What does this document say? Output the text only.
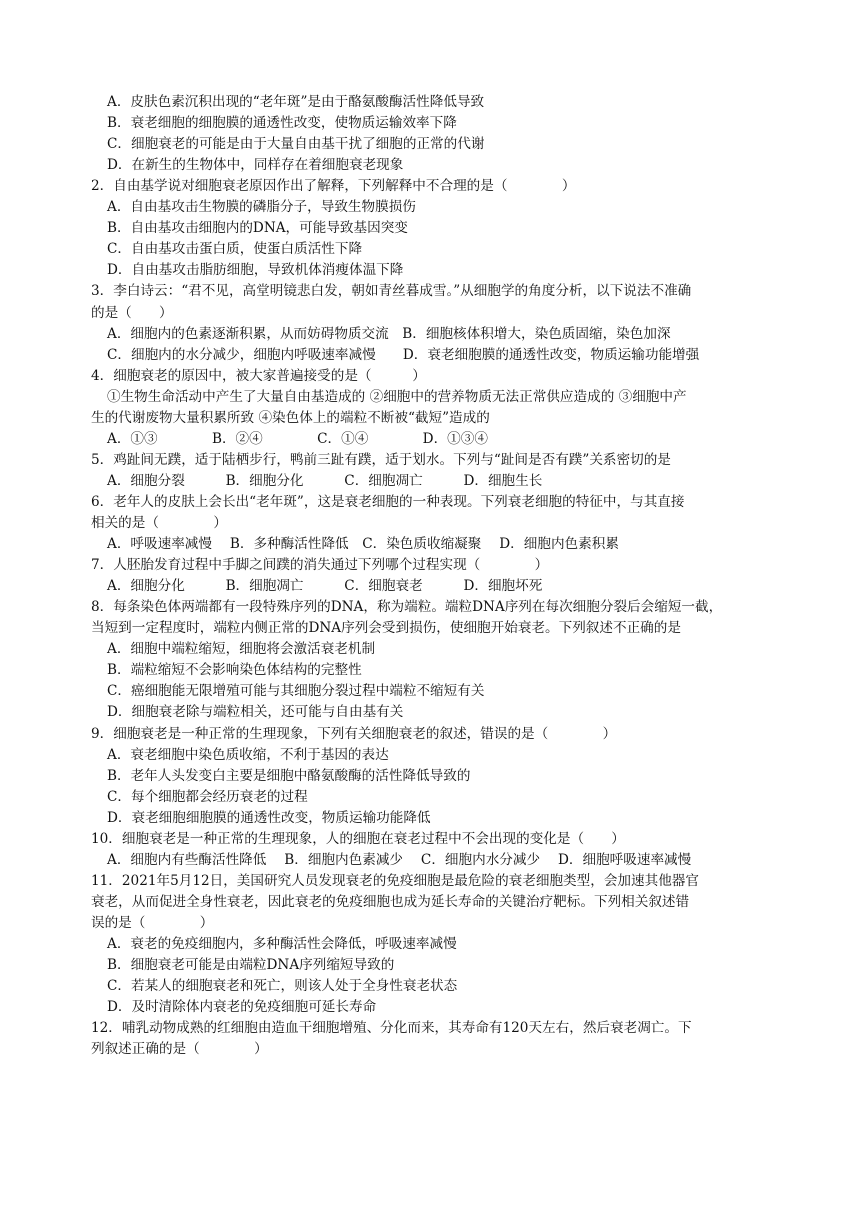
A．皮肤色素沉积出现的“老年斑”是由于酪氨酸酶活性降低导致
B．衰老细胞的细胞膜的通透性改变，使物质运输效率下降
C．细胞衰老的可能是由于大量自由基干扰了细胞的正常的代谢
D．在新生的生物体中，同样存在着细胞衰老现象
2．自由基学说对细胞衰老原因作出了解释，下列解释中不合理的是（　　　　）
A．自由基攻击生物膜的磷脂分子，导致生物膜损伤
B．自由基攻击细胞内的DNA，可能导致基因突变
C．自由基攻击蛋白质，使蛋白质活性下降
D．自由基攻击脂肪细胞，导致机体消瘦体温下降
3．李白诗云：“君不见，高堂明镜悲白发，朝如青丝暮成雪。”从细胞学的角度分析，以下说法不准确
的是（　　）
A．细胞内的色素逐渐积累，从而妨碍物质交流　B．细胞核体积增大，染色质固缩，染色加深
C．细胞内的水分减少，细胞内呼吸速率减慢　　D．衰老细胞膜的通透性改变，物质运输功能增强
4．细胞衰老的原因中，被大家普遍接受的是（　　　）
①生物生命活动中产生了大量自由基造成的 ②细胞中的营养物质无法正常供应造成的 ③细胞中产
生的代谢废物大量积累所致 ④染色体上的端粒不断被“截短”造成的
A．①③　　　　B．②④　　　　C．①④　　　　D．①③④
5．鸡趾间无蹼，适于陆栖步行，鸭前三趾有蹼，适于划水。下列与“趾间是否有蹼”关系密切的是
A．细胞分裂　　　B．细胞分化　　　C．细胞凋亡　　　D．细胞生长
6．老年人的皮肤上会长出“老年斑”，这是衰老细胞的一种表现。下列衰老细胞的特征中，与其直接
相关的是（　　　　）
A．呼吸速率减慢　 B．多种酶活性降低　C．染色质收缩凝聚　 D．细胞内色素积累
7．人胚胎发育过程中手脚之间蹼的消失通过下列哪个过程实现（　　　　）
A．细胞分化　　　B．细胞凋亡　　　C．细胞衰老　　　D．细胞坏死
8．每条染色体两端都有一段特殊序列的DNA，称为端粒。端粒DNA序列在每次细胞分裂后会缩短一截，
当短到一定程度时，端粒内侧正常的DNA序列会受到损伤，使细胞开始衰老。下列叙述不正确的是
A．细胞中端粒缩短，细胞将会激活衰老机制
B．端粒缩短不会影响染色体结构的完整性
C．癌细胞能无限增殖可能与其细胞分裂过程中端粒不缩短有关
D．细胞衰老除与端粒相关，还可能与自由基有关
9．细胞衰老是一种正常的生理现象，下列有关细胞衰老的叙述，错误的是（　　　　）
A．衰老细胞中染色质收缩，不利于基因的表达
B．老年人头发变白主要是细胞中酪氨酸酶的活性降低导致的
C．每个细胞都会经历衰老的过程
D．衰老细胞细胞膜的通透性改变，物质运输功能降低
10．细胞衰老是一种正常的生理现象，人的细胞在衰老过程中不会出现的变化是（　　）
A．细胞内有些酶活性降低　 B．细胞内色素减少　 C．细胞内水分减少　 D．细胞呼吸速率减慢
11．2021年5月12日，美国研究人员发现衰老的免疫细胞是最危险的衰老细胞类型，会加速其他器官
衰老，从而促进全身性衰老，因此衰老的免疫细胞也成为延长寿命的关键治疗靶标。下列相关叙述错
误的是（　　　　）
A．衰老的免疫细胞内，多种酶活性会降低，呼吸速率减慢
B．细胞衰老可能是由端粒DNA序列缩短导致的
C．若某人的细胞衰老和死亡，则该人处于全身性衰老状态
D．及时清除体内衰老的免疫细胞可延长寿命
12．哺乳动物成熟的红细胞由造血干细胞增殖、分化而来，其寿命有120天左右，然后衰老凋亡。下
列叙述正确的是（　　　　）
